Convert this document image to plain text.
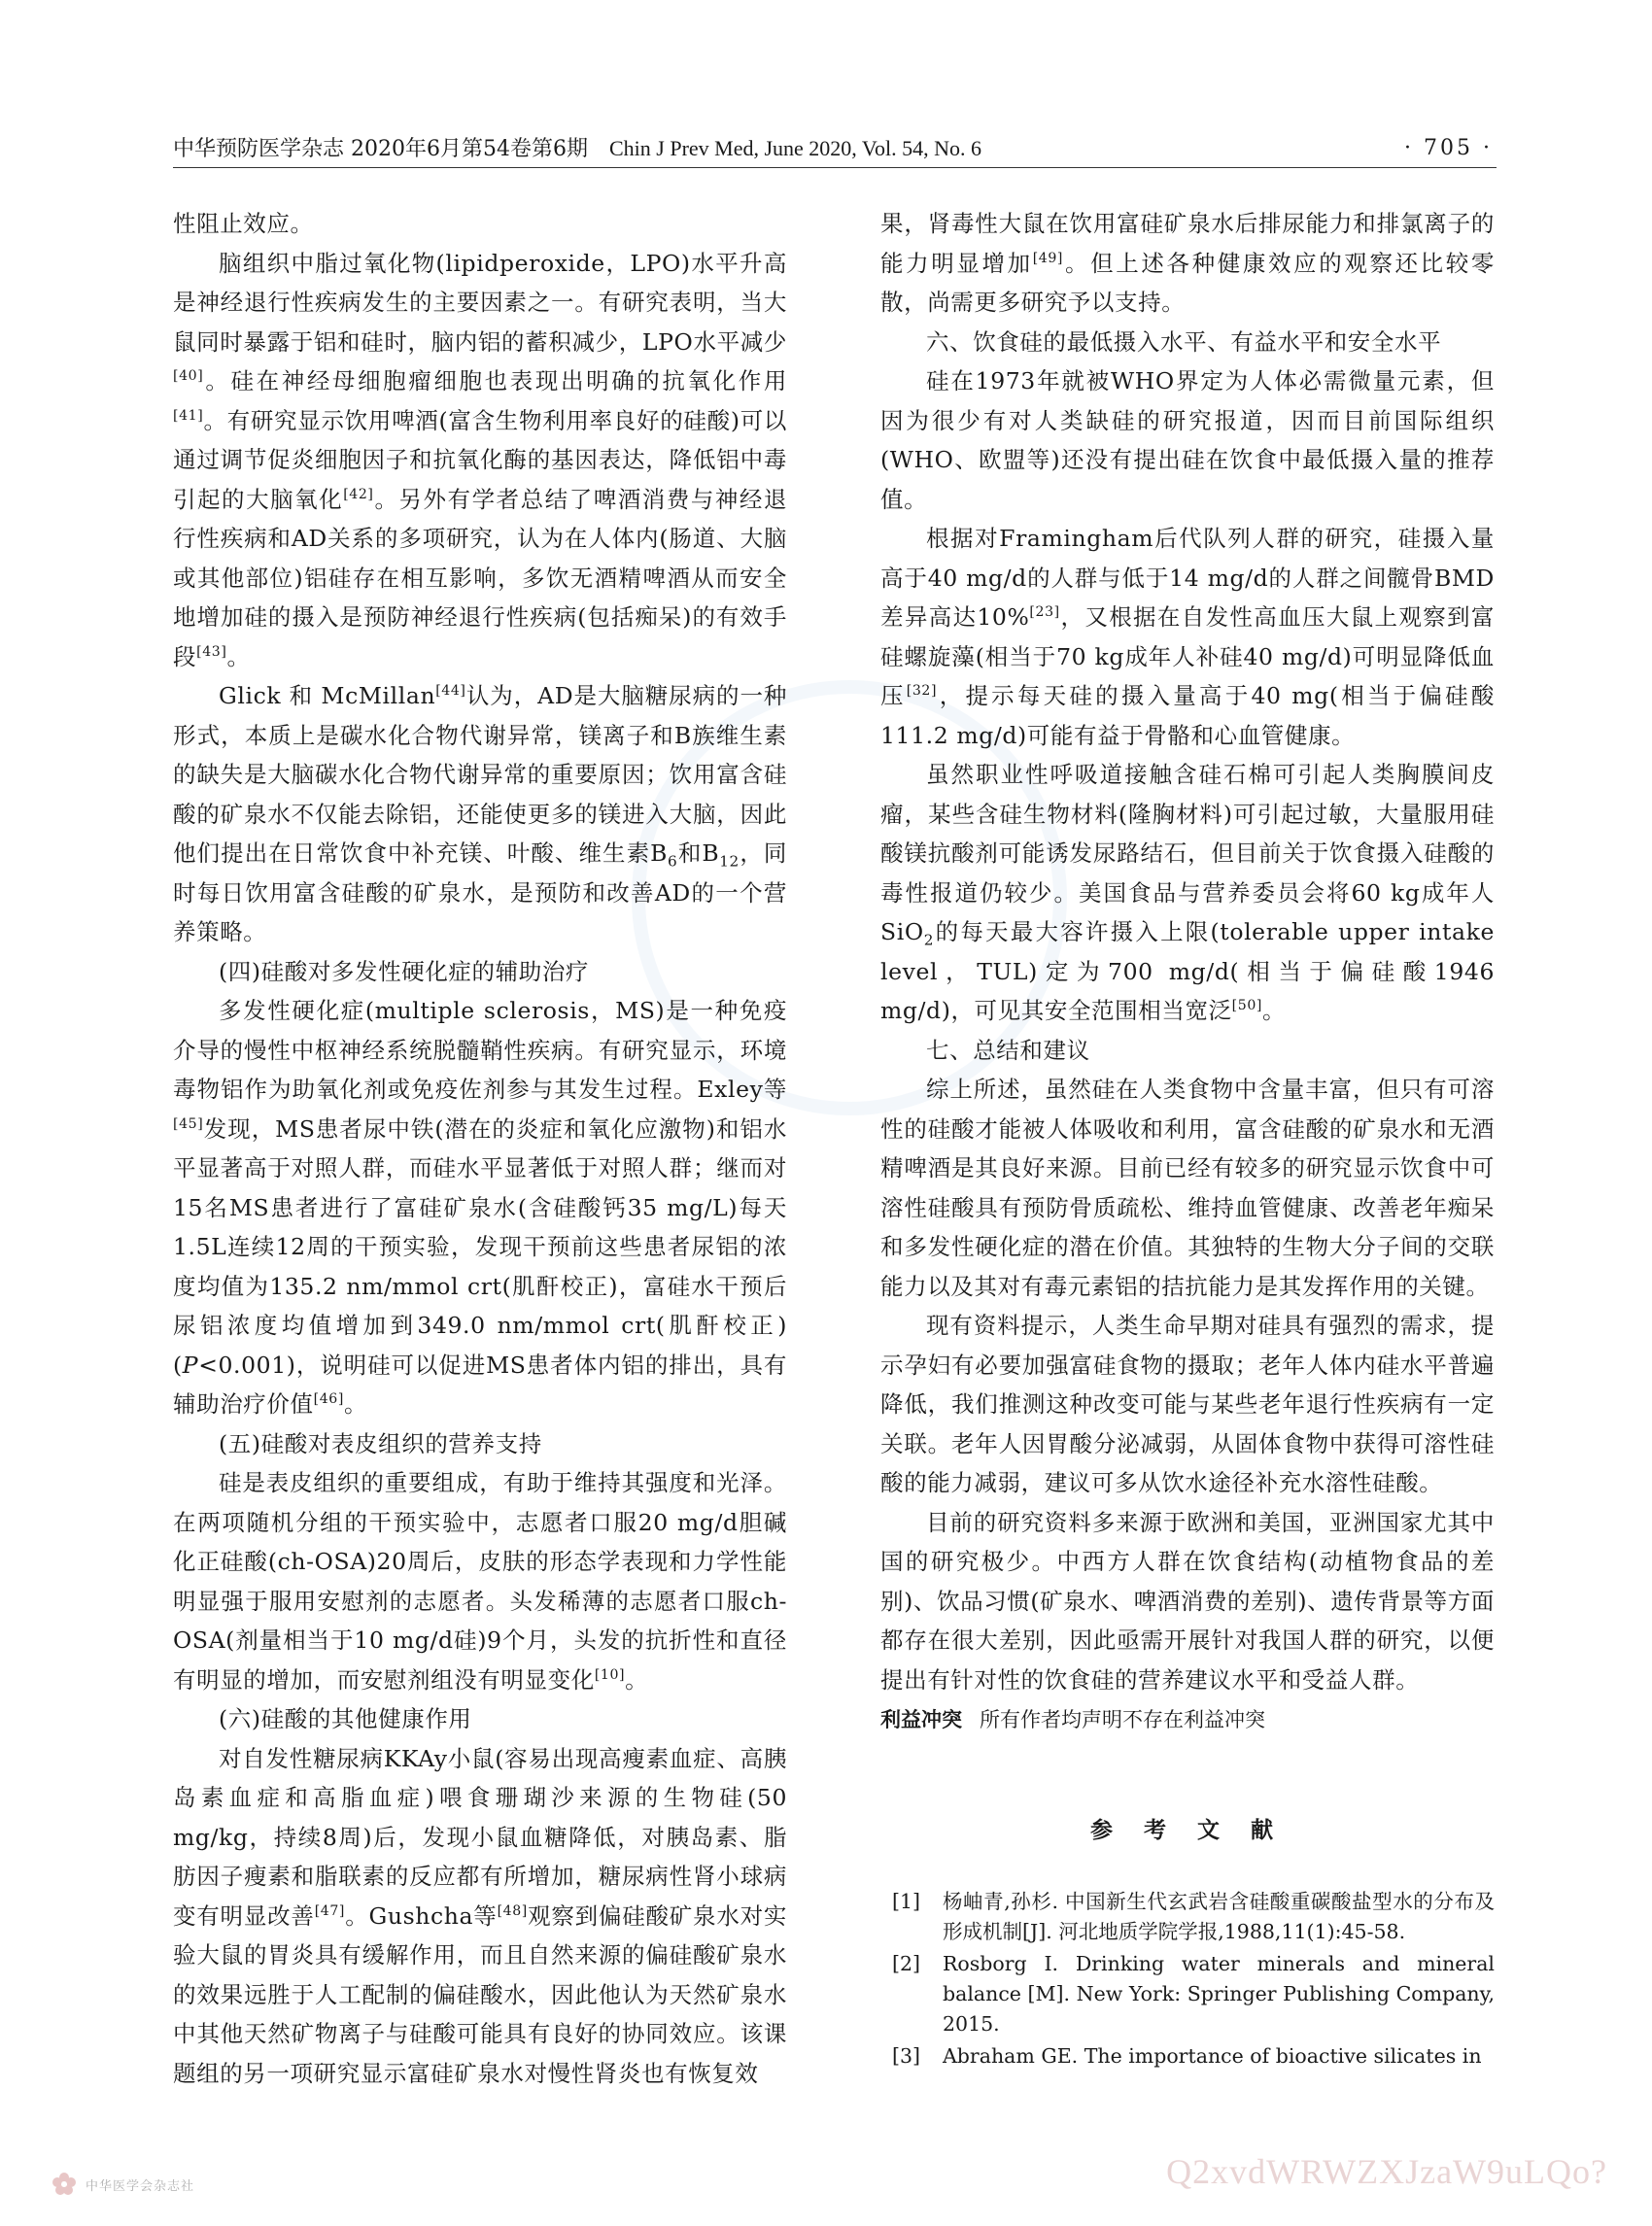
中华预防医学杂志 2020年6月第54卷第6期 Chin J Prev Med, June 2020, Vol. 54, No. 6	· 705 ·

性阻止效应。

脑组织中脂过氧化物(lipidperoxide，LPO)水平升高是神经退行性疾病发生的主要因素之一。有研究表明，当大鼠同时暴露于铝和硅时，脑内铝的蓄积减少，LPO水平减少[40]。硅在神经母细胞瘤细胞也表现出明确的抗氧化作用[41]。有研究显示饮用啤酒(富含生物利用率良好的硅酸)可以通过调节促炎细胞因子和抗氧化酶的基因表达，降低铝中毒引起的大脑氧化[42]。另外有学者总结了啤酒消费与神经退行性疾病和AD关系的多项研究，认为在人体内(肠道、大脑或其他部位)铝硅存在相互影响，多饮无酒精啤酒从而安全地增加硅的摄入是预防神经退行性疾病(包括痴呆)的有效手段[43]。

Glick 和 McMillan[44]认为，AD是大脑糖尿病的一种形式，本质上是碳水化合物代谢异常，镁离子和B族维生素的缺失是大脑碳水化合物代谢异常的重要原因；饮用富含硅酸的矿泉水不仅能去除铝，还能使更多的镁进入大脑，因此他们提出在日常饮食中补充镁、叶酸、维生素$B_6$和$B_{12}$，同时每日饮用富含硅酸的矿泉水，是预防和改善AD的一个营养策略。

(四)硅酸对多发性硬化症的辅助治疗

多发性硬化症(multiple sclerosis，MS)是一种免疫介导的慢性中枢神经系统脱髓鞘性疾病。有研究显示，环境毒物铝作为助氧化剂或免疫佐剂参与其发生过程。Exley等[45]发现，MS患者尿中铁(潜在的炎症和氧化应激物)和铝水平显著高于对照人群，而硅水平显著低于对照人群；继而对15名MS患者进行了富硅矿泉水(含硅酸钙35 mg/L)每天1.5L连续12周的干预实验，发现干预前这些患者尿铝的浓度均值为135.2 nm/mmol crt(肌酐校正)，富硅水干预后尿铝浓度均值增加到349.0 nm/mmol crt(肌酐校正)(P<0.001)，说明硅可以促进MS患者体内铝的排出，具有辅助治疗价值[46]。

(五)硅酸对表皮组织的营养支持

硅是表皮组织的重要组成，有助于维持其强度和光泽。在两项随机分组的干预实验中，志愿者口服20 mg/d胆碱化正硅酸(ch-OSA)20周后，皮肤的形态学表现和力学性能明显强于服用安慰剂的志愿者。头发稀薄的志愿者口服ch-OSA(剂量相当于10 mg/d硅)9个月，头发的抗折性和直径有明显的增加，而安慰剂组没有明显变化[10]。

(六)硅酸的其他健康作用

对自发性糖尿病KKAy小鼠(容易出现高瘦素血症、高胰岛素血症和高脂血症)喂食珊瑚沙来源的生物硅(50 mg/kg，持续8周)后，发现小鼠血糖降低，对胰岛素、脂肪因子瘦素和脂联素的反应都有所增加，糖尿病性肾小球病变有明显改善[47]。Gushcha等[48]观察到偏硅酸矿泉水对实验大鼠的胃炎具有缓解作用，而且自然来源的偏硅酸矿泉水的效果远胜于人工配制的偏硅酸水，因此他认为天然矿泉水中其他天然矿物离子与硅酸可能具有良好的协同效应。该课题组的另一项研究显示富硅矿泉水对慢性肾炎也有恢复效

果，肾毒性大鼠在饮用富硅矿泉水后排尿能力和排氯离子的能力明显增加[49]。但上述各种健康效应的观察还比较零散，尚需更多研究予以支持。

六、饮食硅的最低摄入水平、有益水平和安全水平

硅在1973年就被WHO界定为人体必需微量元素，但因为很少有对人类缺硅的研究报道，因而目前国际组织(WHO、欧盟等)还没有提出硅在饮食中最低摄入量的推荐值。

根据对Framingham后代队列人群的研究，硅摄入量高于40 mg/d的人群与低于14 mg/d的人群之间髋骨BMD差异高达10%[23]，又根据在自发性高血压大鼠上观察到富硅螺旋藻(相当于70 kg成年人补硅40 mg/d)可明显降低血压[32]，提示每天硅的摄入量高于40 mg(相当于偏硅酸111.2 mg/d)可能有益于骨骼和心血管健康。

虽然职业性呼吸道接触含硅石棉可引起人类胸膜间皮瘤，某些含硅生物材料(隆胸材料)可引起过敏，大量服用硅酸镁抗酸剂可能诱发尿路结石，但目前关于饮食摄入硅酸的毒性报道仍较少。美国食品与营养委员会将60 kg成年人SiO$_2$的每天最大容许摄入上限(tolerable upper intake level，TUL)定为700 mg/d(相当于偏硅酸1946 mg/d)，可见其安全范围相当宽泛[50]。

七、总结和建议

综上所述，虽然硅在人类食物中含量丰富，但只有可溶性的硅酸才能被人体吸收和利用，富含硅酸的矿泉水和无酒精啤酒是其良好来源。目前已经有较多的研究显示饮食中可溶性硅酸具有预防骨质疏松、维持血管健康、改善老年痴呆和多发性硬化症的潜在价值。其独特的生物大分子间的交联能力以及其对有毒元素铝的拮抗能力是其发挥作用的关键。

现有资料提示，人类生命早期对硅具有强烈的需求，提示孕妇有必要加强富硅食物的摄取；老年人体内硅水平普遍降低，我们推测这种改变可能与某些老年退行性疾病有一定关联。老年人因胃酸分泌减弱，从固体食物中获得可溶性硅酸的能力减弱，建议可多从饮水途径补充水溶性硅酸。

目前的研究资料多来源于欧洲和美国，亚洲国家尤其中国的研究极少。中西方人群在饮食结构(动植物食品的差别)、饮品习惯(矿泉水、啤酒消费的差别)、遗传背景等方面都存在很大差别，因此亟需开展针对我国人群的研究，以便提出有针对性的饮食硅的营养建议水平和受益人群。

利益冲突 所有作者均声明不存在利益冲突

参 考 文 献

[1] 杨岫青,孙杉. 中国新生代玄武岩含硅酸重碳酸盐型水的分布及形成机制[J]. 河北地质学院学报,1988,11(1):45-58.

[2] Rosborg I. Drinking water minerals and mineral balance [M]. New York: Springer Publishing Company, 2015.

[3] Abraham GE. The importance of bioactive silicates in

中华医学会杂志社	Q2xvdWRWZXJzaW9uLQo?
